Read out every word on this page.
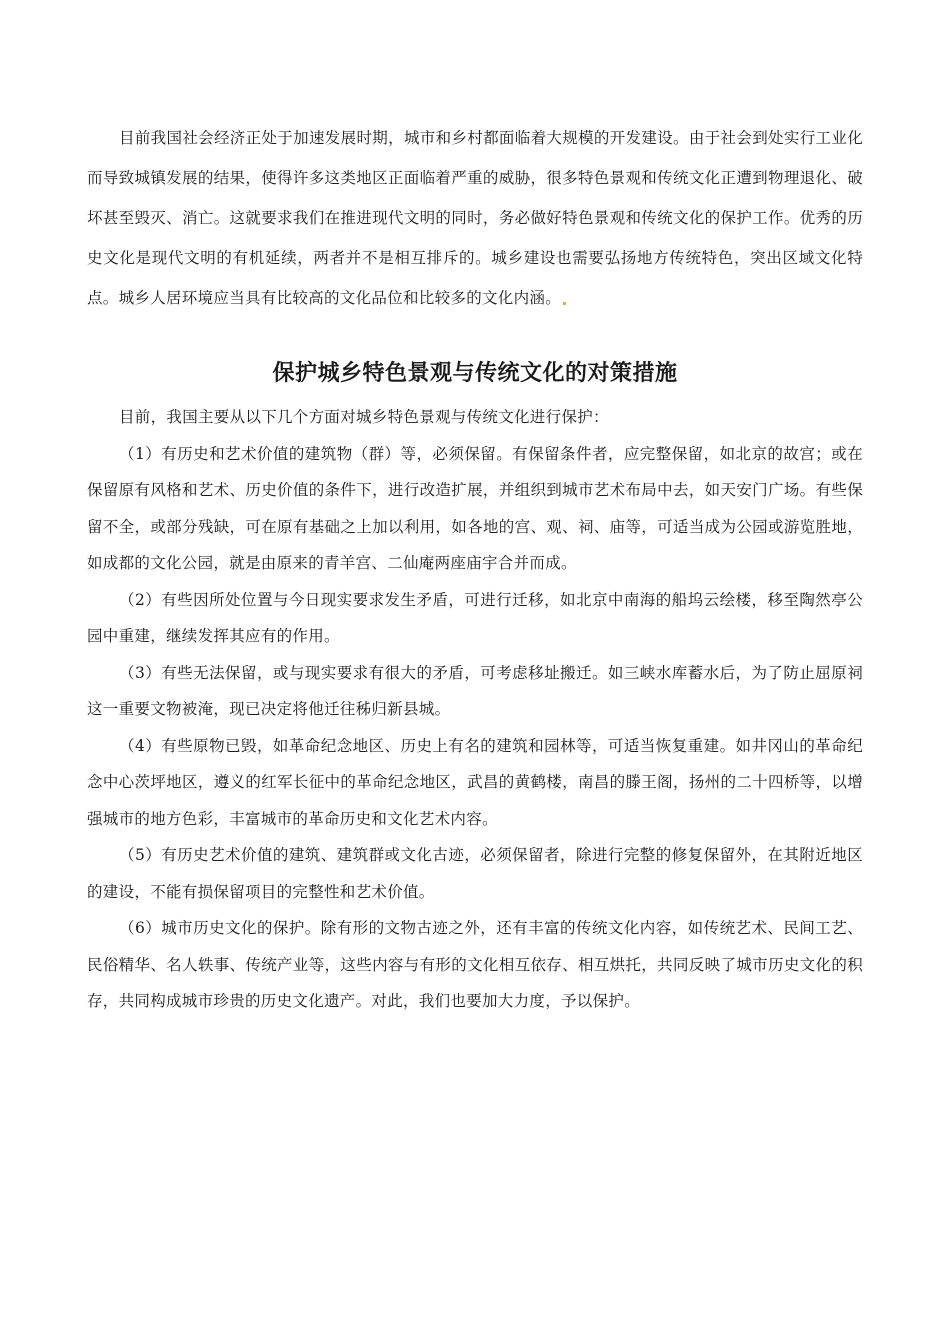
目前我国社会经济正处于加速发展时期，城市和乡村都面临着大规模的开发建设。由于社会到处实行工业化而导致城镇发展的结果，使得许多这类地区正面临着严重的威胁，很多特色景观和传统文化正遭到物理退化、破坏甚至毁灭、消亡。这就要求我们在推进现代文明的同时，务必做好特色景观和传统文化的保护工作。优秀的历史文化是现代文明的有机延续，两者并不是相互排斥的。城乡建设也需要弘扬地方传统特色，突出区域文化特点。城乡人居环境应当具有比较高的文化品位和比较多的文化内涵。

保护城乡特色景观与传统文化的对策措施

目前，我国主要从以下几个方面对城乡特色景观与传统文化进行保护：

（1）有历史和艺术价值的建筑物（群）等，必须保留。有保留条件者，应完整保留，如北京的故宫；或在保留原有风格和艺术、历史价值的条件下，进行改造扩展，并组织到城市艺术布局中去，如天安门广场。有些保留不全，或部分残缺，可在原有基础之上加以利用，如各地的宫、观、祠、庙等，可适当成为公园或游览胜地，如成都的文化公园，就是由原来的青羊宫、二仙庵两座庙宇合并而成。

（2）有些因所处位置与今日现实要求发生矛盾，可进行迁移，如北京中南海的船坞云绘楼，移至陶然亭公园中重建，继续发挥其应有的作用。

（3）有些无法保留，或与现实要求有很大的矛盾，可考虑移址搬迁。如三峡水库蓄水后，为了防止屈原祠这一重要文物被淹，现已决定将他迁往秭归新县城。

（4）有些原物已毁，如革命纪念地区、历史上有名的建筑和园林等，可适当恢复重建。如井冈山的革命纪念中心茨坪地区，遵义的红军长征中的革命纪念地区，武昌的黄鹤楼，南昌的滕王阁，扬州的二十四桥等，以增强城市的地方色彩，丰富城市的革命历史和文化艺术内容。

（5）有历史艺术价值的建筑、建筑群或文化古迹，必须保留者，除进行完整的修复保留外，在其附近地区的建设，不能有损保留项目的完整性和艺术价值。

（6）城市历史文化的保护。除有形的文物古迹之外，还有丰富的传统文化内容，如传统艺术、民间工艺、民俗精华、名人轶事、传统产业等，这些内容与有形的文化相互依存、相互烘托，共同反映了城市历史文化的积存，共同构成城市珍贵的历史文化遗产。对此，我们也要加大力度，予以保护。
